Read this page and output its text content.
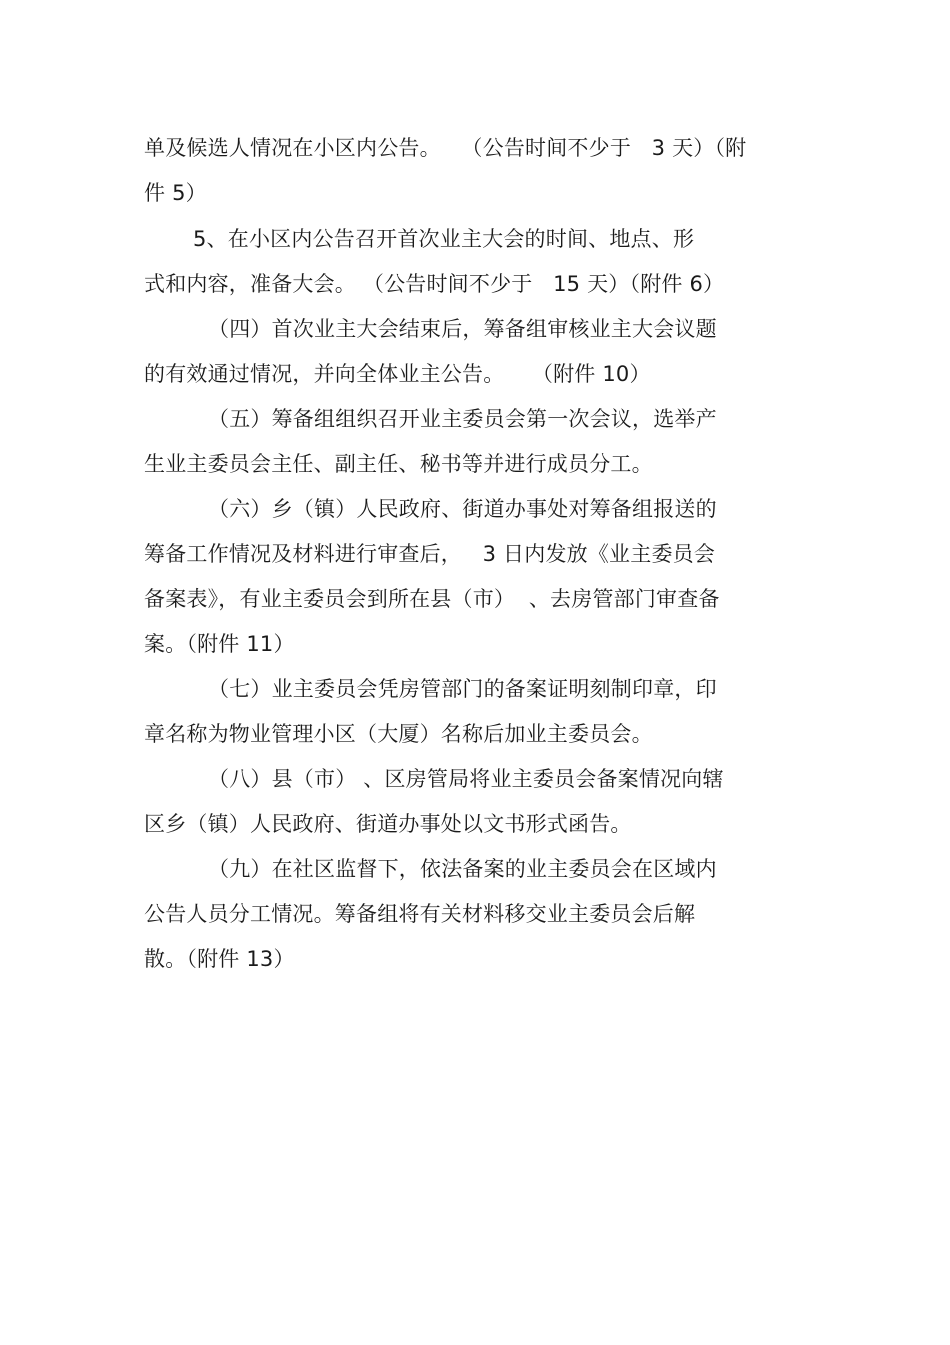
单及候选人情况在小区内公告。   （公告时间不少于   3 天）（附
件 5）
5、在小区内公告召开首次业主大会的时间、地点、形
式和内容，准备大会。 （公告时间不少于   15 天）（附件 6）
（四）首次业主大会结束后，筹备组审核业主大会议题
的有效通过情况，并向全体业主公告。    （附件 10）
（五）筹备组组织召开业主委员会第一次会议，选举产
生业主委员会主任、副主任、秘书等并进行成员分工。
（六）乡（镇）人民政府、街道办事处对筹备组报送的
筹备工作情况及材料进行审查后，   3 日内发放《业主委员会
备案表》，有业主委员会到所在县（市）  、去房管部门审查备
案。（附件 11）
（七）业主委员会凭房管部门的备案证明刻制印章，印
章名称为物业管理小区（大厦）名称后加业主委员会。
（八）县（市） 、区房管局将业主委员会备案情况向辖
区乡（镇）人民政府、街道办事处以文书形式函告。
（九）在社区监督下，依法备案的业主委员会在区域内
公告人员分工情况。筹备组将有关材料移交业主委员会后解
散。（附件 13）
